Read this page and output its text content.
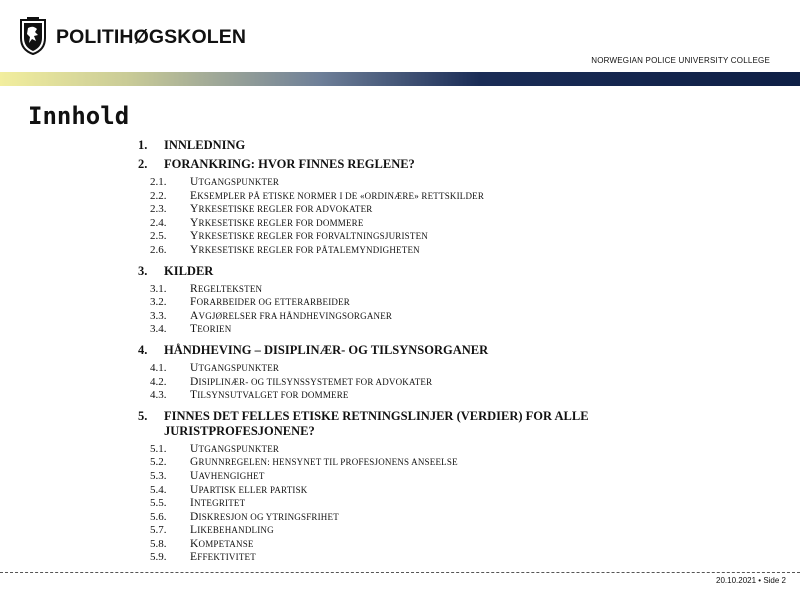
POLITIHØGSKOLEN
NORWEGIAN POLICE UNIVERSITY COLLEGE
Innhold
1.	INNLEDNING
2.	FORANKRING: HVOR FINNES REGLENE?
2.1.	UTGANGSPUNKTER
2.2.	EKSEMPLER PÅ ETISKE NORMER I DE «ORDINÆRE» RETTSKILDER
2.3.	YRKESETISKE REGLER FOR ADVOKATER
2.4.	YRKESETISKE REGLER FOR DOMMERE
2.5.	YRKESETISKE REGLER FOR FORVALTNINGSJURISTEN
2.6.	YRKESETISKE REGLER FOR PÅTALEMYNDIGHETEN
3.	KILDER
3.1.	REGELTEKSTEN
3.2.	FORARBEIDER OG ETTERARBEIDER
3.3.	AVGJØRELSER FRA HÅNDHEVINGSORGANER
3.4.	TEORIEN
4.	HÅNDHEVING – DISIPLINÆR- OG TILSYNSORGANER
4.1.	UTGANGSPUNKTER
4.2.	DISIPLINÆR- OG TILSYNSSYSTEMET FOR ADVOKATER
4.3.	TILSYNSUTVALGET FOR DOMMERE
5.	FINNES DET FELLES ETISKE RETNINGSLINJER (VERDIER) FOR ALLE JURISTPROFESJONENE?
5.1.	UTGANGSPUNKTER
5.2.	GRUNNREGELEN: HENSYNET TIL PROFESJONENS ANSEELSE
5.3.	UAVHENGIGHET
5.4.	UPARTISK ELLER PARTISK
5.5.	INTEGRITET
5.6.	DISKRESJON OG YTRINGSFRIHET
5.7.	LIKEBEHANDLING
5.8.	KOMPETANSE
5.9.	EFFEKTIVITET
20.10.2021 • Side 2
